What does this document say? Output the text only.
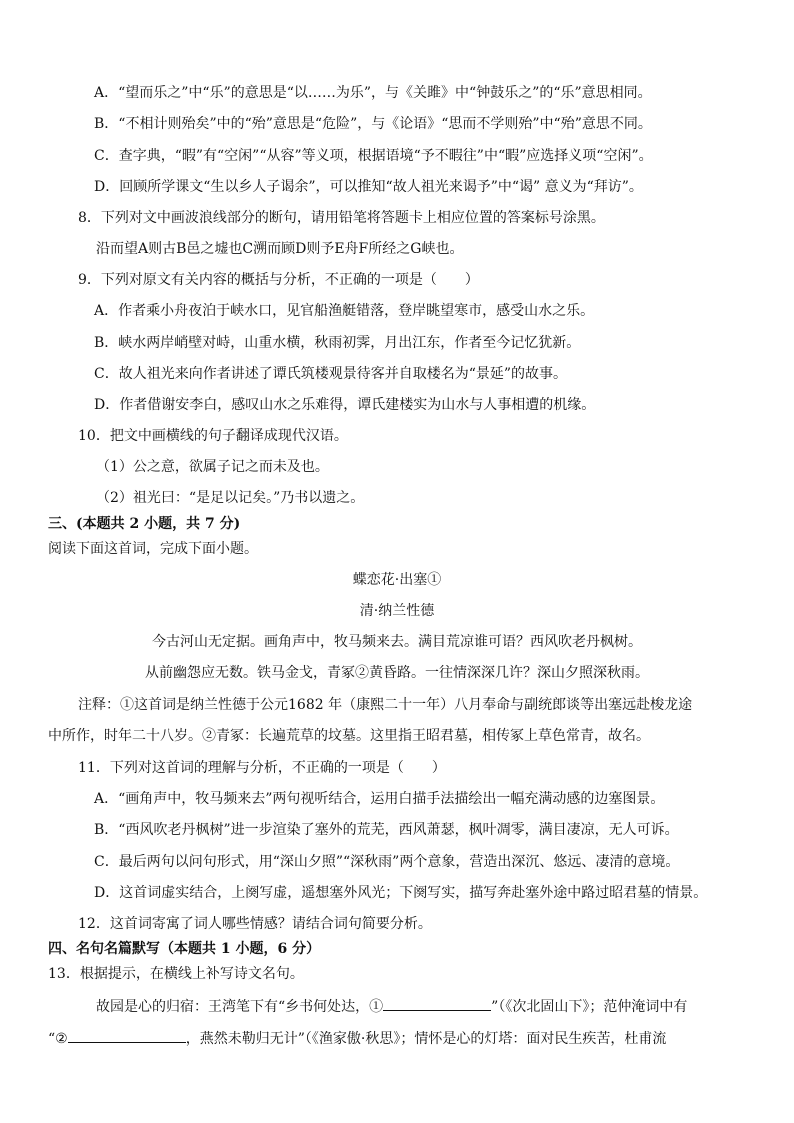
A．“望而乐之”中“乐”的意思是“以……为乐”，与《关雎》中“钟鼓乐之”的“乐”意思相同。
B．“不相计则殆矣”中的“殆”意思是“危险”，与《论语》“思而不学则殆”中“殆”意思不同。
C．查字典，“暇”有“空闲”“从容”等义项，根据语境“予不暇往”中“暇”应选择义项“空闲”。
D．回顾所学课文“生以乡人子谒余”，可以推知“故人祖光来谒予”中“谒” 意义为“拜访”。
8．下列对文中画波浪线部分的断句，请用铅笔将答题卡上相应位置的答案标号涂黑。
沿而望A则古B邑之墟也C溯而顾D则予E舟F所经之G峡也。
9．下列对原文有关内容的概括与分析，不正确的一项是（　　）
A．作者乘小舟夜泊于峡水口，见官船渔艇错落，登岸眺望寒市，感受山水之乐。
B．峡水两岸峭壁对峙，山重水横，秋雨初霁，月出江东，作者至今记忆犹新。
C．故人祖光来向作者讲述了谭氏筑楼观景待客并自取楼名为“景延”的故事。
D．作者借谢安李白，感叹山水之乐难得，谭氏建楼实为山水与人事相遭的机缘。
10．把文中画横线的句子翻译成现代汉语。
（1）公之意，欲属子记之而未及也。
（2）祖光曰：“是足以记矣。”乃书以遗之。
三、(本题共 2 小题，共 7 分)
阅读下面这首词，完成下面小题。
蝶恋花·出塞①
清·纳兰性德
今古河山无定据。画角声中，牧马频来去。满目荒凉谁可语？西风吹老丹枫树。
从前幽怨应无数。铁马金戈，青冢②黄昏路。一往情深深几许？深山夕照深秋雨。
注释：①这首词是纳兰性德于公元1682 年（康熙二十一年）八月奉命与副统郎谈等出塞远赴梭龙途
中所作，时年二十八岁。②青冢：长遍荒草的坟墓。这里指王昭君墓，相传冢上草色常青，故名。
11．下列对这首词的理解与分析，不正确的一项是（　　）
A．“画角声中，牧马频来去”两句视听结合，运用白描手法描绘出一幅充满动感的边塞图景。
B．“西风吹老丹枫树”进一步渲染了塞外的荒芜，西风萧瑟，枫叶凋零，满目凄凉，无人可诉。
C．最后两句以问句形式，用“深山夕照”“深秋雨”两个意象，营造出深沉、悠远、凄清的意境。
D．这首词虚实结合，上阕写虚，遥想塞外风光；下阕写实，描写奔赴塞外途中路过昭君墓的情景。
12．这首词寄寓了词人哪些情感？请结合词句简要分析。
四、名句名篇默写（本题共 1 小题，6 分）
13．根据提示，在横线上补写诗文名句。
故园是心的归宿：王湾笔下有“乡书何处达，①	”（《次北固山下》；范仲淹词中有
“②	，燕然未勒归无计”（《渔家傲·秋思》；情怀是心的灯塔：面对民生疾苦，杜甫流
